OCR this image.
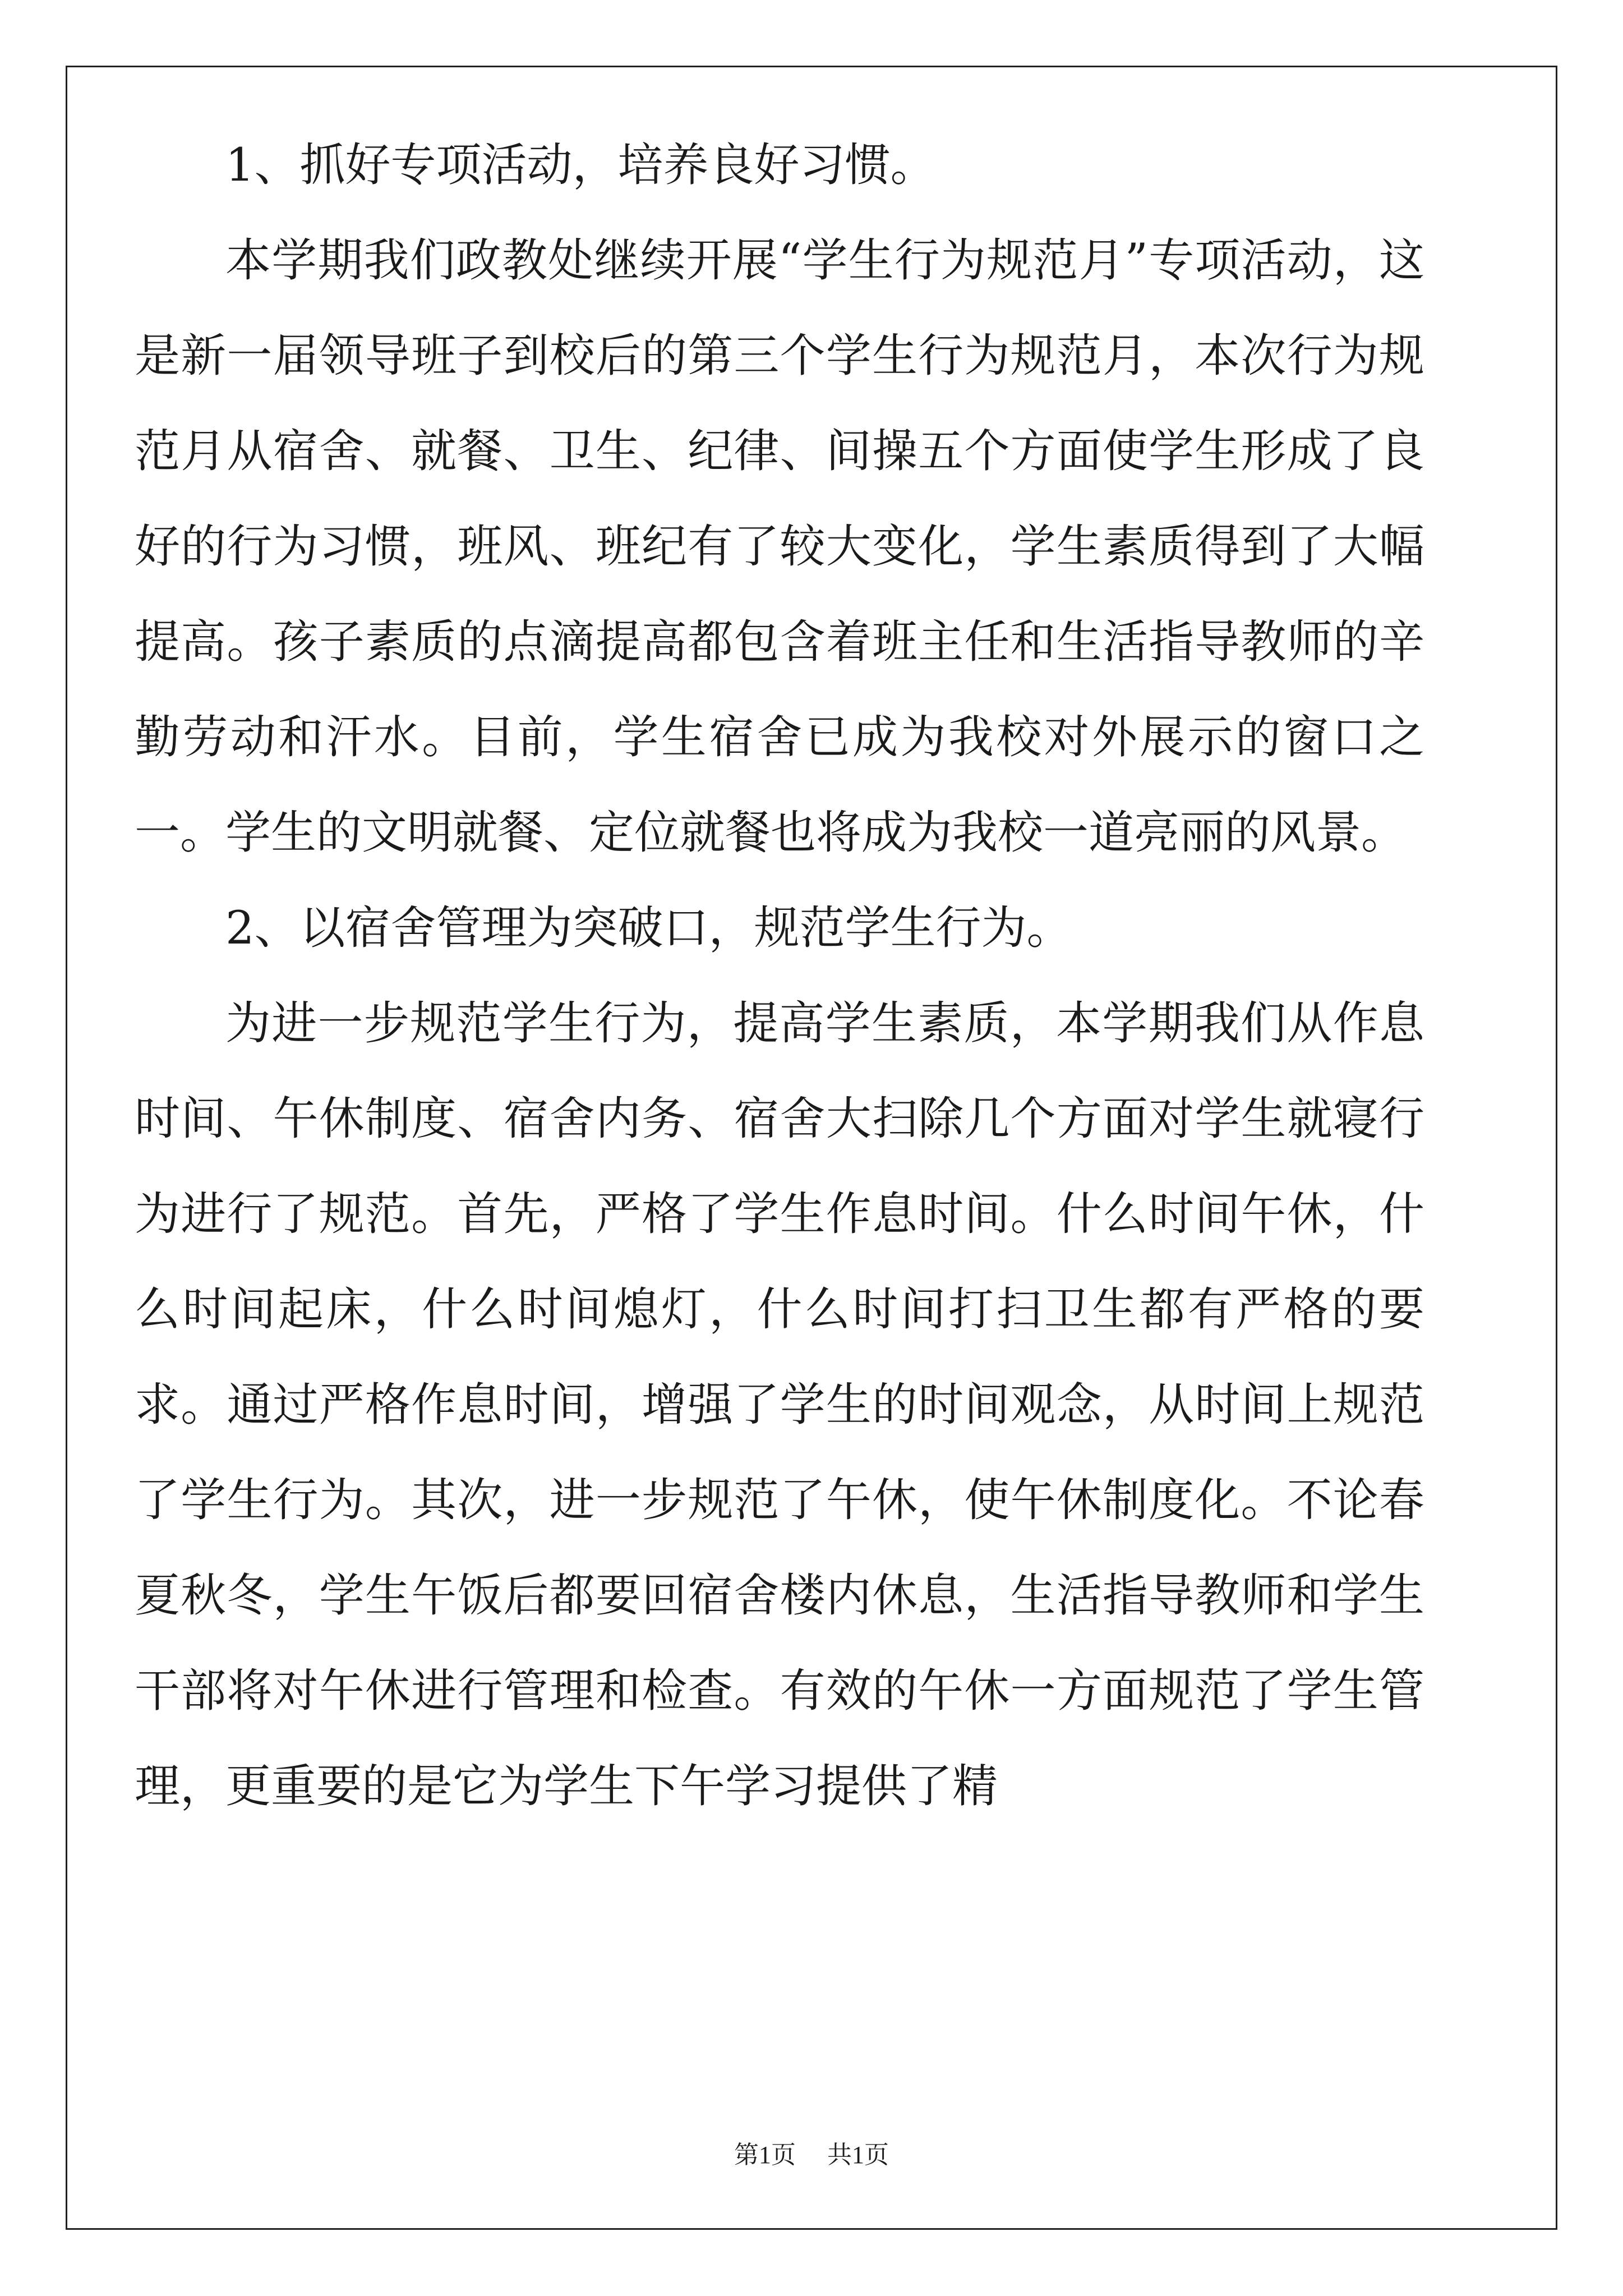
1、抓好专项活动，培养良好习惯。

本学期我们政教处继续开展“学生行为规范月”专项活动，这是新一届领导班子到校后的第三个学生行为规范月，本次行为规范月从宿舍、就餐、卫生、纪律、间操五个方面使学生形成了良好的行为习惯，班风、班纪有了较大变化，学生素质得到了大幅提高。孩子素质的点滴提高都包含着班主任和生活指导教师的辛勤劳动和汗水。目前，学生宿舍已成为我校对外展示的窗口之一。学生的文明就餐、定位就餐也将成为我校一道亮丽的风景。

2、以宿舍管理为突破口，规范学生行为。

为进一步规范学生行为，提高学生素质，本学期我们从作息时间、午休制度、宿舍内务、宿舍大扫除几个方面对学生就寝行为进行了规范。首先，严格了学生作息时间。什么时间午休，什么时间起床，什么时间熄灯，什么时间打扫卫生都有严格的要求。通过严格作息时间，增强了学生的时间观念，从时间上规范了学生行为。其次，进一步规范了午休，使午休制度化。不论春夏秋冬，学生午饭后都要回宿舍楼内休息，生活指导教师和学生干部将对午休进行管理和检查。有效的午休一方面规范了学生管理，更重要的是它为学生下午学习提供了精

第1页 共1页
